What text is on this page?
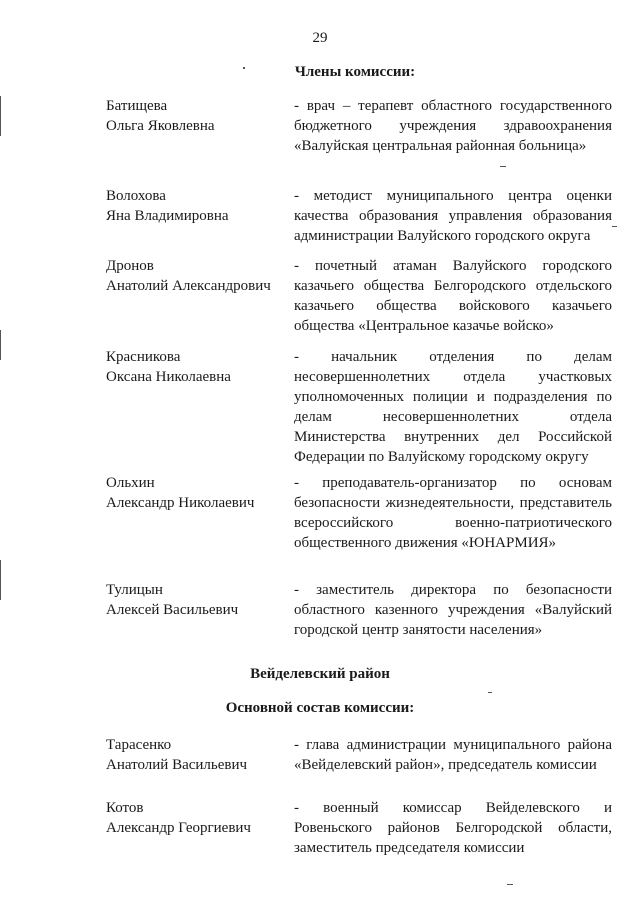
29
Члены комиссии:
Батищева
Ольга Яковлевна
- врач – терапевт областного государственного бюджетного учреждения здравоохранения «Валуйская центральная районная больница»
Волохова
Яна Владимировна
- методист муниципального центра оценки качества образования управления образования администрации Валуйского городского округа
Дронов
Анатолий Александрович
- почетный атаман Валуйского городского казачьего общества Белгородского отдельского казачьего общества войскового казачьего общества «Центральное казачье войско»
Красникова
Оксана Николаевна
- начальник отделения по делам несовершеннолетних отдела участковых уполномоченных полиции и подразделения по делам несовершеннолетних отдела Министерства внутренних дел Российской Федерации по Валуйскому городскому округу
Ольхин
Александр Николаевич
- преподаватель-организатор по основам безопасности жизнедеятельности, представитель всероссийского военно-патриотического общественного движения «ЮНАРМИЯ»
Тулицын
Алексей Васильевич
- заместитель директора по безопасности областного казенного учреждения «Валуйский городской центр занятости населения»
Вейделевский район
Основной состав комиссии:
Тарасенко
Анатолий Васильевич
- глава администрации муниципального района «Вейделевский район», председатель комиссии
Котов
Александр Георгиевич
- военный комиссар Вейделевского и Ровеньского районов Белгородской области, заместитель председателя комиссии
